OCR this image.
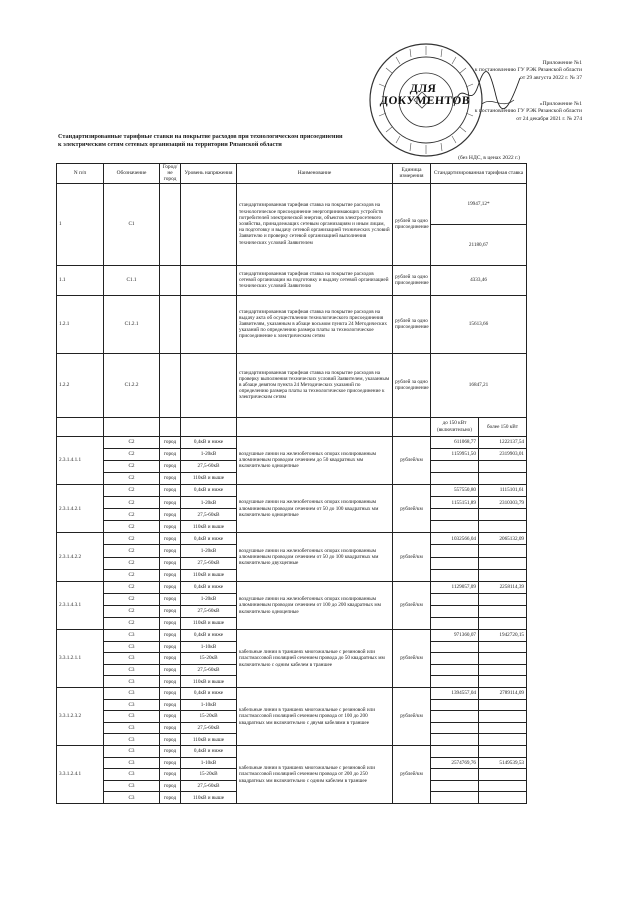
ДЛЯ
ДОКУМЕНТОВ
Приложение №1
к постановлению ГУ РЭК Рязанской области
от 29 августа 2022 г. № 37
«Приложение №1
к постановлению ГУ РЭК Рязанской области
от 24 декабря 2021 г. № 274
Стандартизированные тарифные ставки на покрытие расходов при технологическом присоединении
к электрическим сетям сетевых организаций на территории Рязанской области
(без НДС, в ценах 2022 г.)
N п/п	Обозначение	Город/не город	Уровень напряжения	Наименование	Единица измерения	Стандартизированная тарифная ставка	
1	С1			стандартизированная тарифная ставка на покрытие расходов на технологическое присоединение энергопринимающих устройств потребителей электрической энергии, объектов электросетевого хозяйства, принадлежащих сетевым организациям и иным лицам, на подготовку и выдачу сетевой организацией технических условий Заявителю и проверку сетевой организацией выполнения технических условий Заявителем	рублей за одно присоединение	19947,12*	
						21180,67	
1.1	С1.1			стандартизированная тарифная ставка на покрытие расходов сетевой организации на подготовку и выдачу сетевой организацией технических условий Заявителю	рублей за одно присоединение	4333,46	
1.2.1	С1.2.1			стандартизированная тарифная ставка на покрытие расходов на выдачу акта об осуществлении технологического присоединения Заявителям, указанным в абзаце восьмом пункта 24 Методических указаний по определению размера платы за технологическое присоединение к электрическим сетям	рублей за одно присоединение	15613,66	
1.2.2	С1.2.2			стандартизированная тарифная ставка на покрытие расходов на проверку выполнения технических условий Заявителем, указанным в абзаце девятом пункта 24 Методических указаний по определению размера платы за технологическое присоединение к электрическим сетям	рублей за одно присоединение	16847,21	
						до 150 кВт (включительно)	более 150 кВт
2.3.1.4.1.1	С2	город	0,4кВ и ниже	воздушные линии на железобетонных опорах изолированным алюминиевым проводом сечением до 50 квадратных мм включительно одноцепные	рублей/км	611068,77	1222137,54
	С2	город	1-20кВ			1159951,50	2319903,01
	С2	город	27,5-60кВ				
	С2	город	110кВ и выше				
2.3.1.4.2.1	С2	город	0,4кВ и ниже	воздушные линии на железобетонных опорах изолированным алюминиевым проводом сечением от 50 до 100 квадратных мм включительно одноцепные	рублей/км	557550,80	1115101,61
	С2	город	1-20кВ			1155151,89	2310303,79
	С2	город	27,5-60кВ				
	С2	город	110кВ и выше				
2.3.1.4.2.2	С2	город	0,4кВ и ниже	воздушные линии на железобетонных опорах изолированным алюминиевым проводом сечением от 50 до 100 квадратных мм включительно двухцепные	рублей/км	1032566,04	2065132,09
	С2	город	1-20кВ				
	С2	город	27,5-60кВ				
	С2	город	110кВ и выше				
2.3.1.4.3.1	С2	город	0,4кВ и ниже	воздушные линии на железобетонных опорах изолированным алюминиевым проводом сечением от 100 до 200 квадратных мм включительно одноцепные	рублей/км	1129057,09	2258114,39
	С2	город	1-20кВ				
	С2	город	27,5-60кВ				
	С2	город	110кВ и выше				
3.3.1.2.1.1	С3	город	0,4кВ и ниже	кабельные линии в траншеях многожильные с резиновой или пластмассовой изоляцией сечением провода до 50 квадратных мм включительно с одним кабелем в траншее	рублей/км	971360,07	1942720,15
	С3	город	1-10кВ				
	С3	город	15-20кВ				
	С3	город	27,5-60кВ				
	С3	город	110кВ и выше				
3.3.1.2.3.2	С3	город	0,4кВ и ниже	кабельные линии в траншеях многожильные с резиновой или пластмассовой изоляцией сечением провода от 100 до 200 квадратных мм включительно с двумя кабелями в траншее	рублей/км	1394557,04	2789114,09
	С3	город	1-10кВ				
	С3	город	15-20кВ				
	С3	город	27,5-60кВ				
	С3	город	110кВ и выше				
3.3.1.2.4.1	С3	город	0,4кВ и ниже	кабельные линии в траншеях многожильные с резиновой или пластмассовой изоляцией сечением провода от 200 до 250 квадратных мм включительно с одним кабелем в траншее	рублей/км		
	С3	город	1-10кВ			2574769,76	5149539,53
	С3	город	15-20кВ				
	С3	город	27,5-60кВ				
	С3	город	110кВ и выше				
